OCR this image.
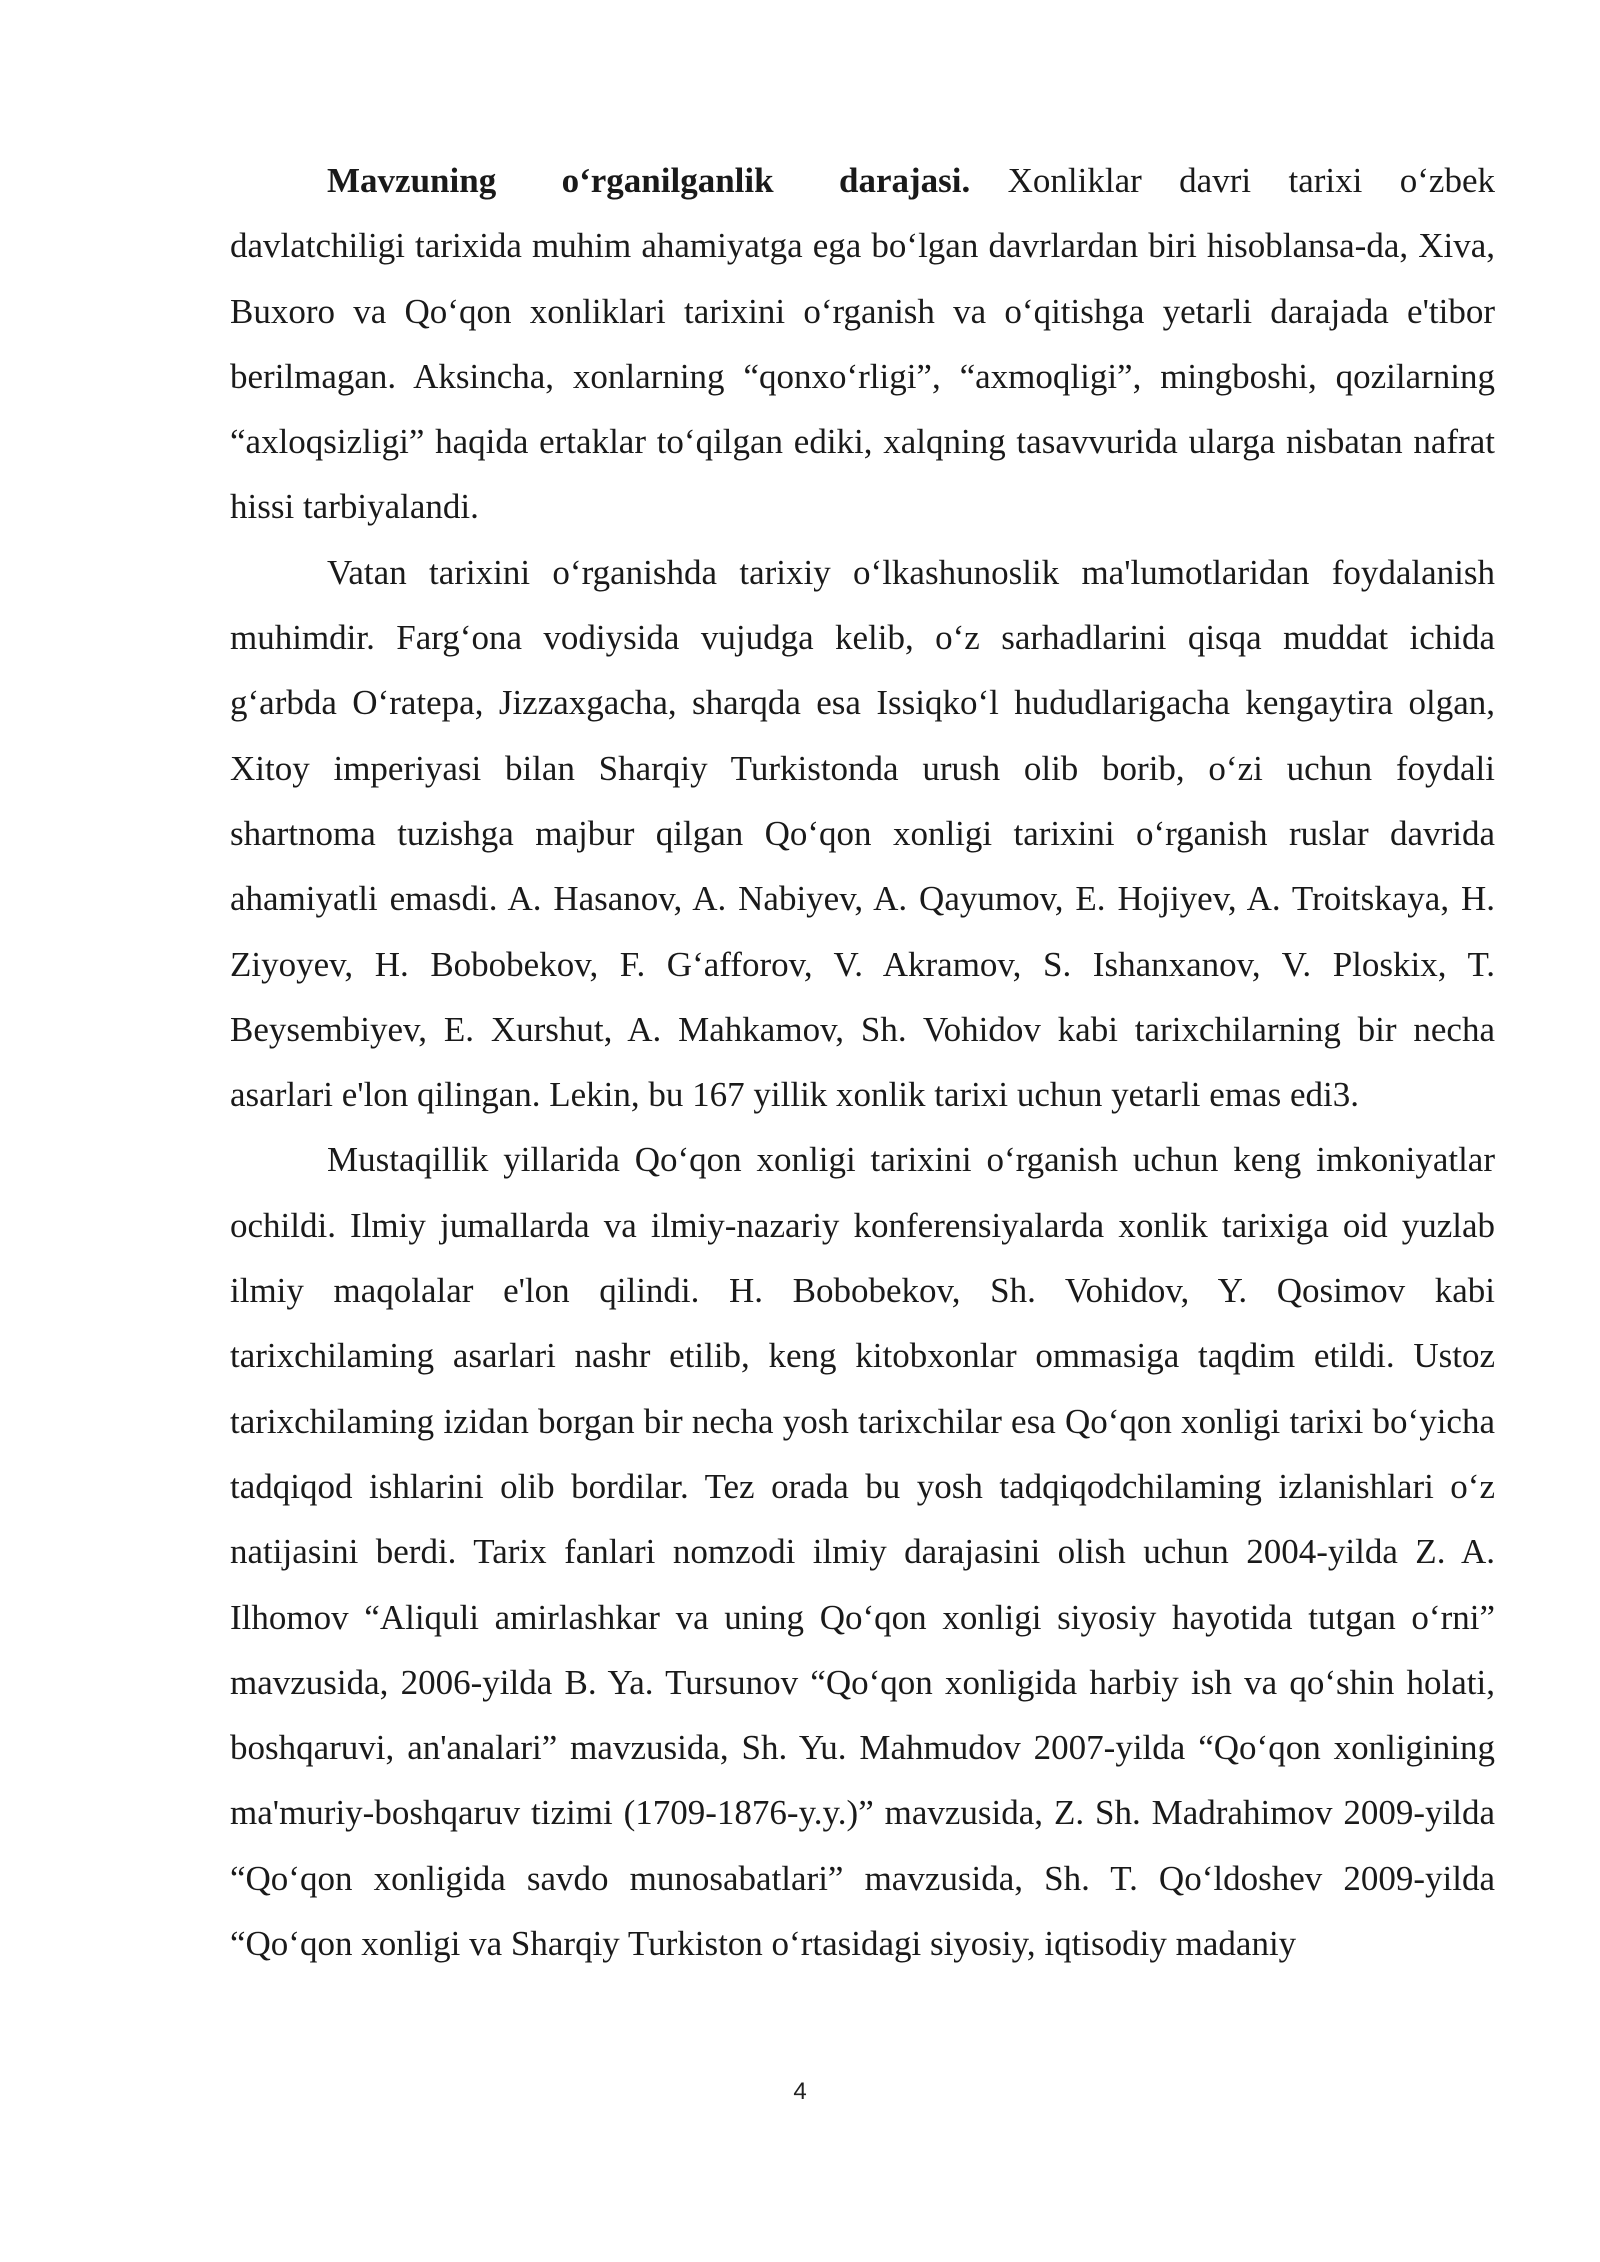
Mavzuning o‘rganilganlik darajasi. Xonliklar davri tarixi o‘zbek davlatchiligi tarixida muhim ahamiyatga ega bo‘lgan davrlardan biri hisoblansa-da, Xiva, Buxoro va Qo‘qon xonliklari tarixini o‘rganish va o‘qitishga yetarli darajada e'tibor berilmagan. Aksincha, xonlarning “qonxo‘rligi”, “axmoqligi”, mingboshi, qozilarning “axloqsizligi” haqida ertaklar to‘qilgan ediki, xalqning tasavvurida ularga nisbatan nafrat hissi tarbiyalandi.

Vatan tarixini o‘rganishda tarixiy o‘lkashunoslik ma'lumotlaridan foydalanish muhimdir. Farg‘ona vodiysida vujudga kelib, o‘z sarhadlarini qisqa muddat ichida g‘arbda O‘ratepa, Jizzaxgacha, sharqda esa Issiqko‘l hududlarigacha kengaytira olgan, Xitoy imperiyasi bilan Sharqiy Turkistonda urush olib borib, o‘zi uchun foydali shartnoma tuzishga majbur qilgan Qo‘qon xonligi tarixini o‘rganish ruslar davrida ahamiyatli emasdi. A. Hasanov, A. Nabiyev, A. Qayumov, E. Hojiyev, A. Troitskaya, H. Ziyoyev, H. Bobobekov, F. G‘afforov, V. Akramov, S. Ishanxanov, V. Ploskix, T. Beysembiyev, E. Xurshut, A. Mahkamov, Sh. Vohidov kabi tarixchilarning bir necha asarlari e'lon qilingan. Lekin, bu 167 yillik xonlik tarixi uchun yetarli emas edi3.

Mustaqillik yillarida Qo‘qon xonligi tarixini o‘rganish uchun keng imkoniyatlar ochildi. Ilmiy jumallarda va ilmiy-nazariy konferensiyalarda xonlik tarixiga oid yuzlab ilmiy maqolalar e'lon qilindi. H. Bobobekov, Sh. Vohidov, Y. Qosimov kabi tarixchilaming asarlari nashr etilib, keng kitobxonlar ommasiga taqdim etildi. Ustoz tarixchilaming izidan borgan bir necha yosh tarixchilar esa Qo‘qon xonligi tarixi bo‘yicha tadqiqod ishlarini olib bordilar. Tez orada bu yosh tadqiqodchilaming izlanishlari o‘z natijasini berdi. Tarix fanlari nomzodi ilmiy darajasini olish uchun 2004-yilda Z. A. Ilhomov “Aliquli amirlashkar va uning Qo‘qon xonligi siyosiy hayotida tutgan o‘rni” mavzusida, 2006-yilda B. Ya. Tursunov “Qo‘qon xonligida harbiy ish va qo‘shin holati, boshqaruvi, an'analari” mavzusida, Sh. Yu. Mahmudov 2007-yilda “Qo‘qon xonligining ma'muriy-boshqaruv tizimi (1709-1876-y.y.)” mavzusida, Z. Sh. Madrahimov 2009-yilda “Qo‘qon xonligida savdo munosabatlari” mavzusida, Sh. T. Qo‘ldoshev 2009-yilda “Qo‘qon xonligi va Sharqiy Turkiston o‘rtasidagi siyosiy, iqtisodiy madaniy

4
